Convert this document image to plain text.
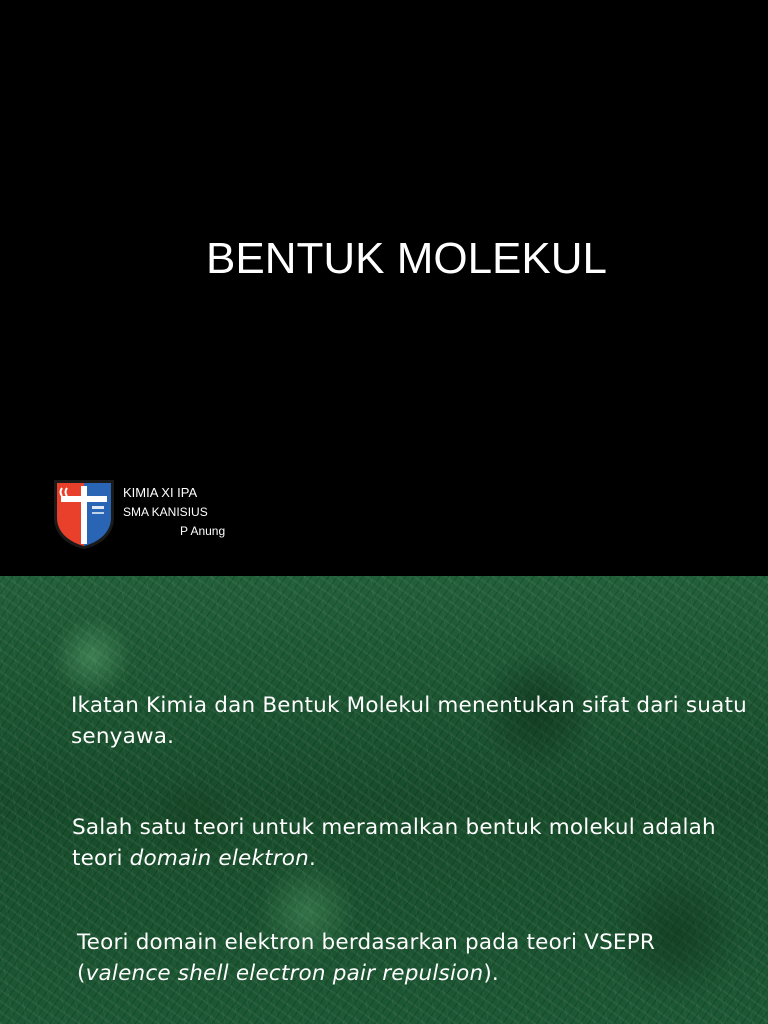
BENTUK MOLEKUL
KIMIA XI IPA
SMA KANISIUS
P Anung

Ikatan Kimia dan Bentuk Molekul menentukan sifat dari suatu senyawa.

Salah satu teori untuk meramalkan bentuk molekul adalah teori domain elektron.

Teori domain elektron berdasarkan pada teori VSEPR (valence shell electron pair repulsion).
